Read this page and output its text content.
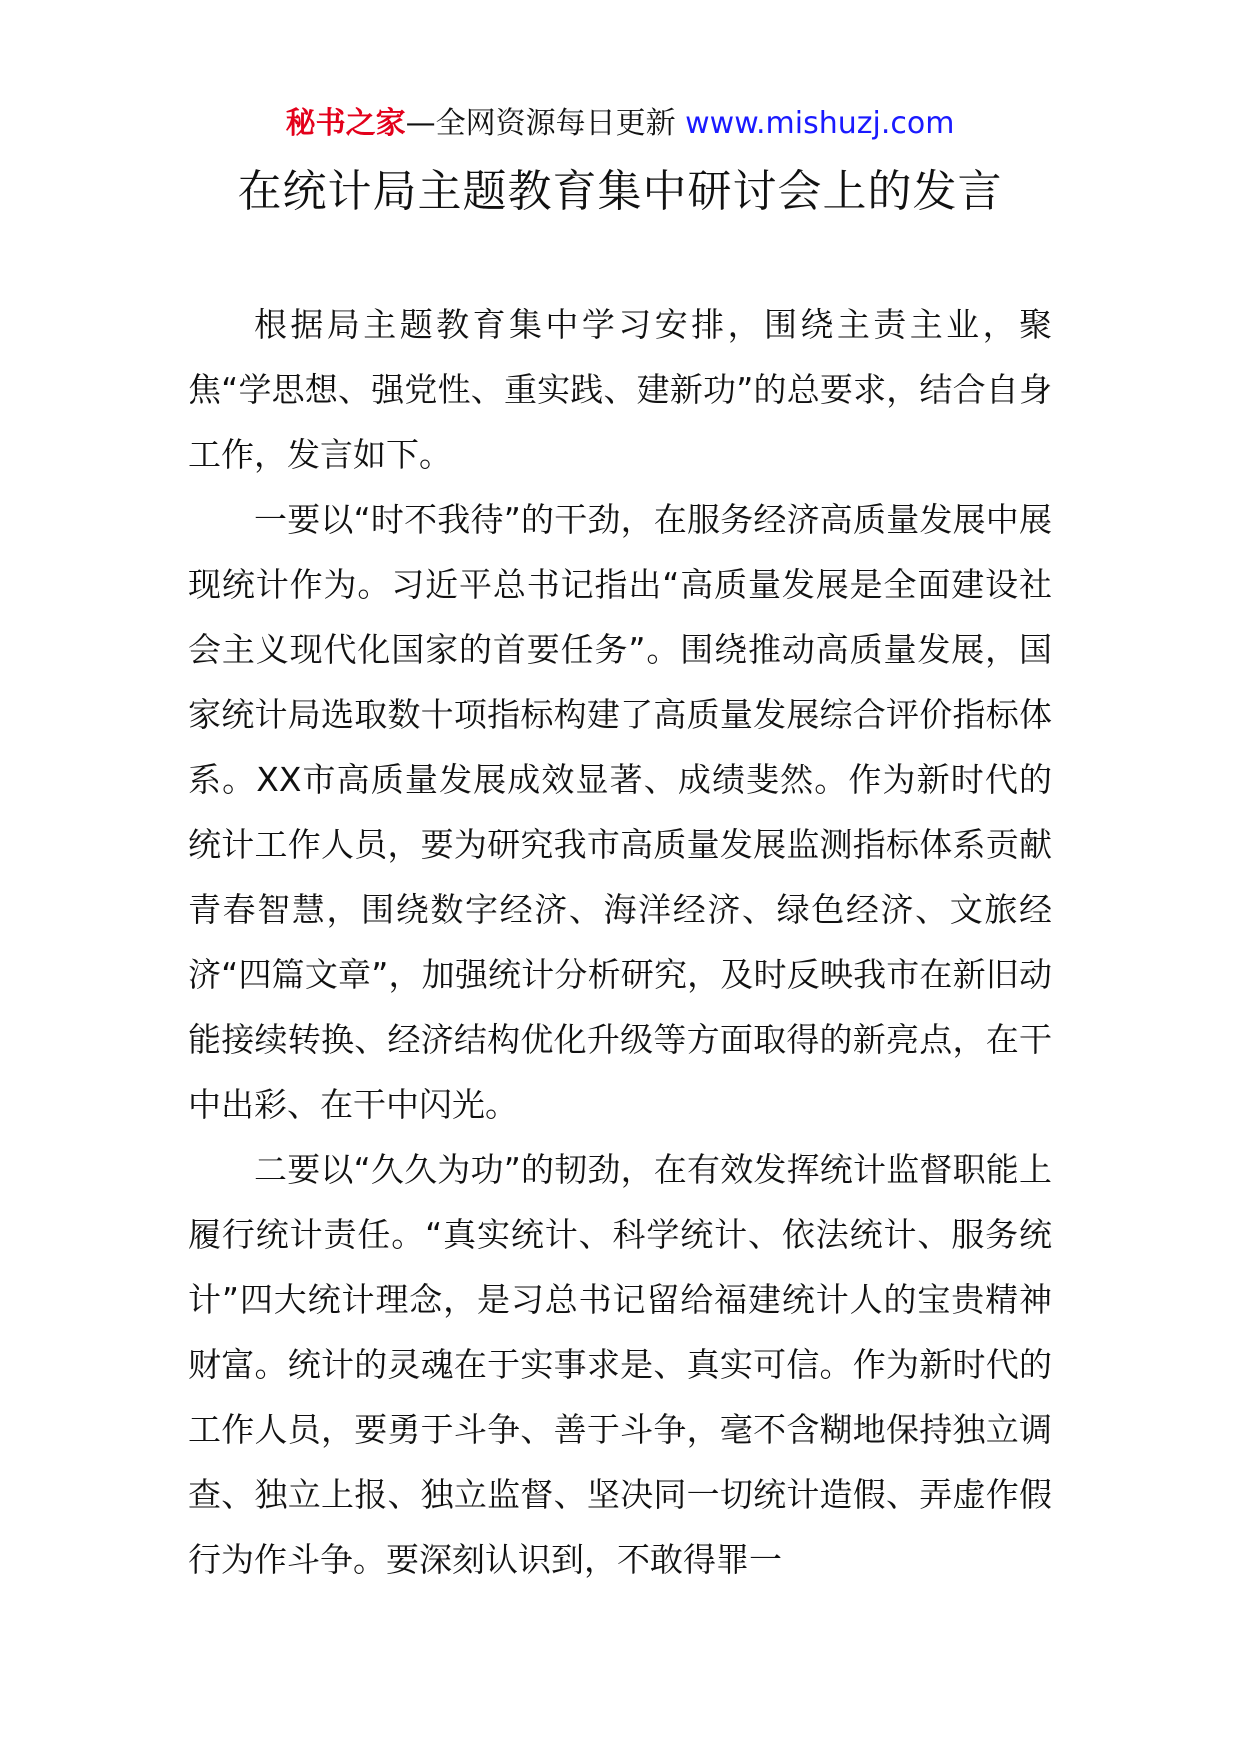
秘书之家—全网资源每日更新 www.mishuzj.com
在统计局主题教育集中研讨会上的发言

根据局主题教育集中学习安排，围绕主责主业，聚焦“学思想、强党性、重实践、建新功”的总要求，结合自身工作，发言如下。

一要以“时不我待”的干劲，在服务经济高质量发展中展现统计作为。习近平总书记指出“高质量发展是全面建设社会主义现代化国家的首要任务”。围绕推动高质量发展，国家统计局选取数十项指标构建了高质量发展综合评价指标体系。XX市高质量发展成效显著、成绩斐然。作为新时代的统计工作人员，要为研究我市高质量发展监测指标体系贡献青春智慧，围绕数字经济、海洋经济、绿色经济、文旅经济“四篇文章”，加强统计分析研究，及时反映我市在新旧动能接续转换、经济结构优化升级等方面取得的新亮点，在干中出彩、在干中闪光。

二要以“久久为功”的韧劲，在有效发挥统计监督职能上履行统计责任。“真实统计、科学统计、依法统计、服务统计”四大统计理念，是习总书记留给福建统计人的宝贵精神财富。统计的灵魂在于实事求是、真实可信。作为新时代的工作人员，要勇于斗争、善于斗争，毫不含糊地保持独立调查、独立上报、独立监督、坚决同一切统计造假、弄虚作假行为作斗争。要深刻认识到，不敢得罪一
